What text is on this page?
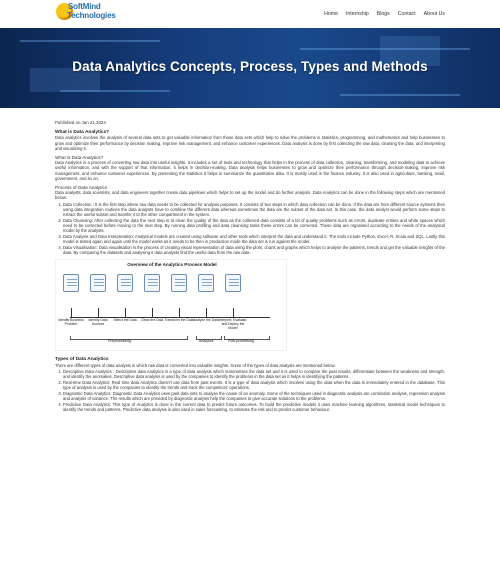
SoftMind
Technologies	Home Internship Blogs Contact About Us
Data Analytics Concepts, Process, Types and Methods
Published on Jan 21,2024
What is Data Analytics?
Data analytics involves the analysis of several data sets to get valuable information from those data sets which help to solve the problems in statistics, programming, and mathematics and help businesses to grow and optimize their performance by decision making, improve risk management, and enhance customer experiences. Data analysis is done by first collecting the raw data, cleaning the data, and interpreting and visualizing it.
What is Data Analytics?
Data Analytics is a process of converting raw data into useful insights. It includes a set of tools and technology that helps in the process of data collection, cleaning, transforming, and modeling data to achieve useful information, and with the support of that information, it helps in decision-making. Data analysis helps businesses to grow and optimize their performance through decision-making, improve risk management, and enhance customer experiences. By presenting the statistics it helps in summarize the quantitative data. It is mostly used in the finance industry. It is also used in agriculture, banking, retail, government, and so on.
Process of Data Analytics
Data analysts, data scientists, and data engineers together create data pipelines which helps to set up the model and do further analysis. Data Analytics can be done in the following steps which are mentioned below:
1. Data Collection : It is the first step where raw data needs to be collected for analysis purposes. It consists of two steps in which data collection can be done. If the data are from different source systems then using data integration routines the data analysts have to combine the different data whereas sometimes the data are the subset of the data set. In this case, the data analyst would perform some steps to extract the useful subset and transfer it to the other compartment in the system.
2. Data Cleansing: After collecting the data the next step is to clean the quality of the data as the collected data consists of a lot of quality problems such as errors, duplicate entries and white spaces which need to be corrected before moving to the next step. By running data profiling and data cleansing tasks these errors can be corrected. These data are organised according to the needs of the analytical model by the analysts.
3. Data Analysis and Data Interpretation: Analytical models are created using software and other tools which interpret the data and understand it. The tools include Python, Excel, R, Scala and SQL. Lastly this model is tested again and again until the model works as it needs to be then in production mode the data set is run against the model.
4. Data Visualisation: Data visualisation is the process of creating visual representation of data using the plots, charts and graphs which helps to analyse the patterns, trends and get the valuable insights of the data. By comparing the datasets and analysing it data analysts find the useful data from the raw data.
Overview of the Analytics Process Model
Identify Business Problem
Identify Data Sources
Select the Data	Clean the Data Transform the Data Analyze the Data Interpret, Evaluate, and Deploy the Model
Preprocessing	Analytics	Post-processing
Types of Data Analytics
There are different types of data analysis in which raw data is converted into valuable insights. Some of the types of data analysis are mentioned below:
1. Descriptive Data Analytics : Descriptive data Analytics is a type of data analysis which summarises the data set and it is used to compare the past results, differentiate between the weakness and strength, and identify the anomalies. Descriptive data analysis is used by the companies to identify the problems in the data set as it helps in identifying the patterns.
2. Real-time Data Analytics: Real time data Analytics doesn't use data from past events. It is a type of data analysis which involves using the data when the data is immediately entered in the database. This type of analysis is used by the companies to identify the trends and track the competitors' operations.
3. Diagnostic Data Analytics: Diagnostic Data Analytics uses past data sets to analyse the cause of an anomaly. Some of the techniques used in diagnostic analysis are correlation analysis, regression analysis and analysis of variance. The results which are provided by diagnostic analysis help the companies to give accurate solutions to the problems.
4. Predictive Data Analytics: This type of Analytics is done in the current data to predict future outcomes. To build the predictive models it uses machine learning algorithms, statistical model techniques to identify the trends and patterns. Predictive data analysis is also used in sales forecasting, to estimate the risk and to predict customer behaviour.
